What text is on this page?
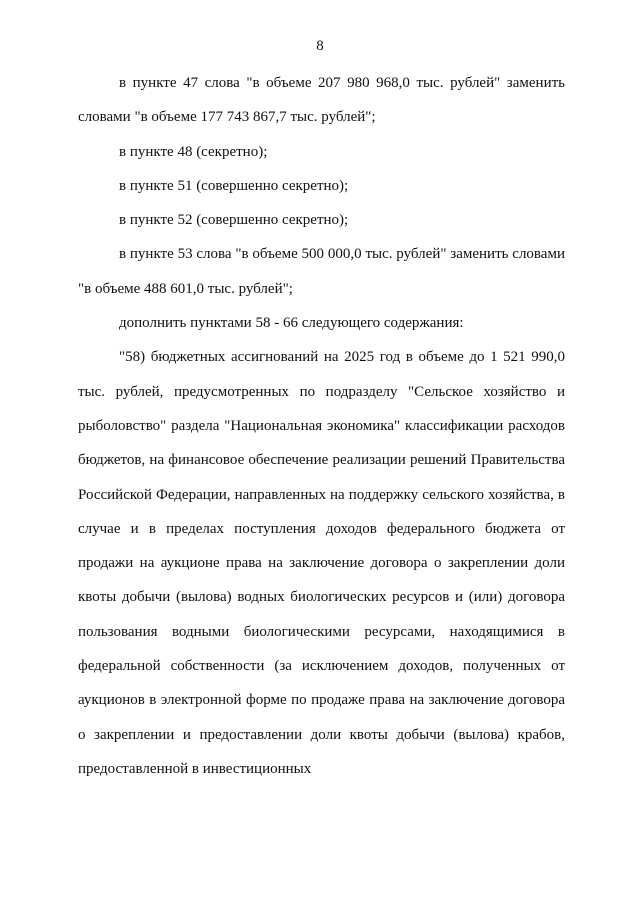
8

в пункте 47 слова "в объеме 207 980 968,0 тыс. рублей" заменить словами "в объеме 177 743 867,7 тыс. рублей";

в пункте 48 (секретно);

в пункте 51 (совершенно секретно);

в пункте 52 (совершенно секретно);

в пункте 53 слова "в объеме 500 000,0 тыс. рублей" заменить словами "в объеме 488 601,0 тыс. рублей";

дополнить пунктами 58 - 66 следующего содержания:

"58) бюджетных ассигнований на 2025 год в объеме до 1 521 990,0 тыс. рублей, предусмотренных по подразделу "Сельское хозяйство и рыболовство" раздела "Национальная экономика" классификации расходов бюджетов, на финансовое обеспечение реализации решений Правительства Российской Федерации, направленных на поддержку сельского хозяйства, в случае и в пределах поступления доходов федерального бюджета от продажи на аукционе права на заключение договора о закреплении доли квоты добычи (вылова) водных биологических ресурсов и (или) договора пользования водными биологическими ресурсами, находящимися в федеральной собственности (за исключением доходов, полученных от аукционов в электронной форме по продаже права на заключение договора о закреплении и предоставлении доли квоты добычи (вылова) крабов, предоставленной в инвестиционных
